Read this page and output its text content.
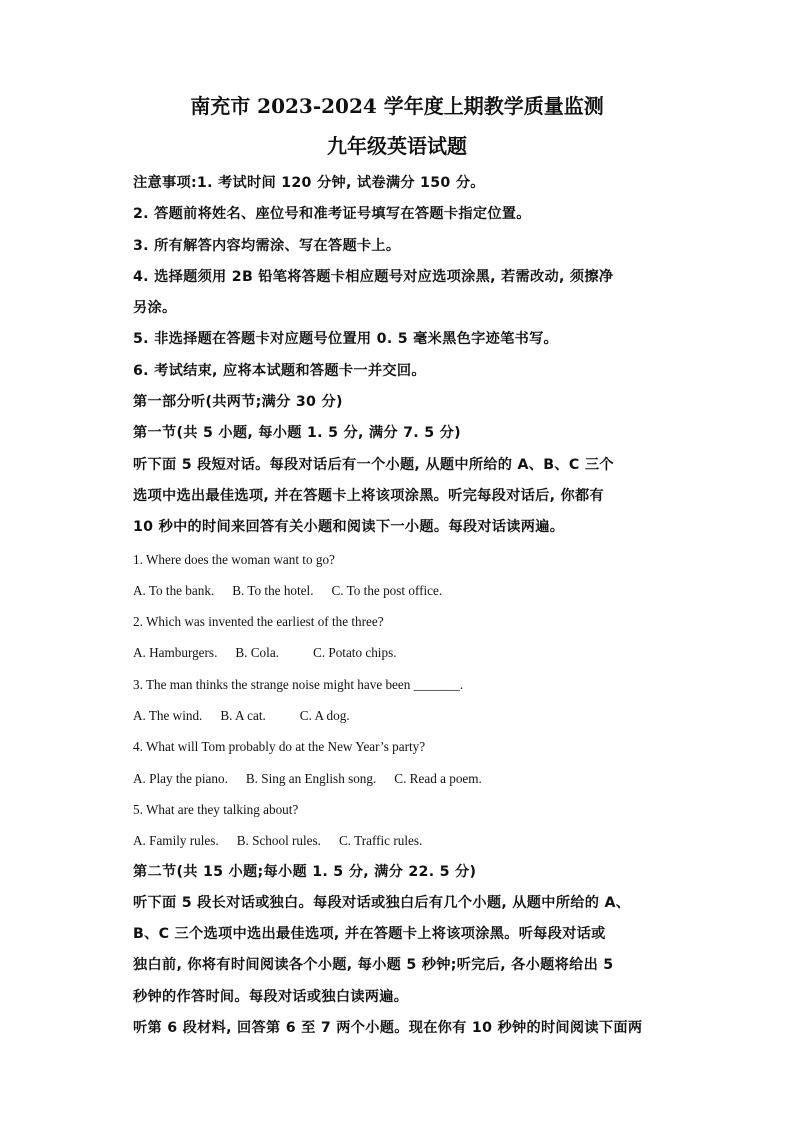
南充市 2023-2024 学年度上期教学质量监测
九年级英语试题
注意事项:1. 考试时间 120 分钟, 试卷满分 150 分。
2. 答题前将姓名、座位号和准考证号填写在答题卡指定位置。
3. 所有解答内容均需涂、写在答题卡上。
4. 选择题须用 2B 铅笔将答题卡相应题号对应选项涂黑, 若需改动, 须擦净
另涂。
5. 非选择题在答题卡对应题号位置用 0. 5 毫米黑色字迹笔书写。
6. 考试结束, 应将本试题和答题卡一并交回。
第一部分听(共两节;满分 30 分)
第一节(共 5 小题, 每小题 1. 5 分, 满分 7. 5 分)
听下面 5 段短对话。每段对话后有一个小题, 从题中所给的 A、B、C 三个
选项中选出最佳选项, 并在答题卡上将该项涂黑。听完每段对话后, 你都有
10 秒中的时间来回答有关小题和阅读下一小题。每段对话读两遍。
1. Where does the woman want to go?
A. To the bank. B. To the hotel. C. To the post office.
2. Which was invented the earliest of the three?
A. Hamburgers. B. Cola.	C. Potato chips.
3. The man thinks the strange noise might have been _______.
A. The wind. B. A cat.	C. A dog.
4. What will Tom probably do at the New Year’s party?
A. Play the piano. B. Sing an English song. C. Read a poem.
5. What are they talking about?
A. Family rules. B. School rules. C. Traffic rules.
第二节(共 15 小题;每小题 1. 5 分, 满分 22. 5 分)
听下面 5 段长对话或独白。每段对话或独白后有几个小题, 从题中所给的 A、
B、C 三个选项中选出最佳选项, 并在答题卡上将该项涂黑。听每段对话或
独白前, 你将有时间阅读各个小题, 每小题 5 秒钟;听完后, 各小题将给出 5
秒钟的作答时间。每段对话或独白读两遍。
听第 6 段材料, 回答第 6 至 7 两个小题。现在你有 10 秒钟的时间阅读下面两
